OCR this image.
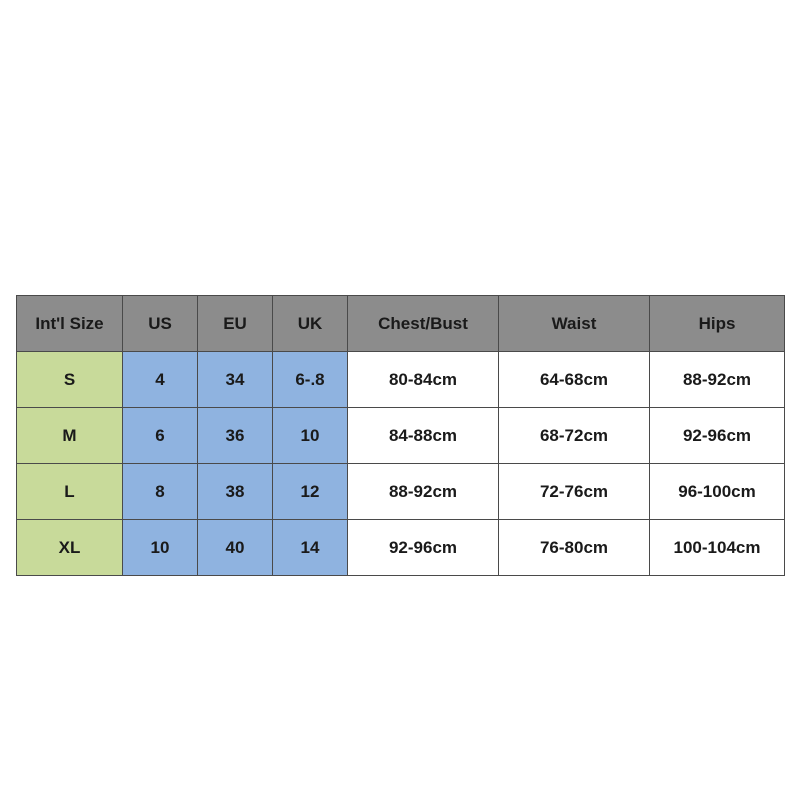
Int'l Size	US	EU	UK	Chest/Bust	Waist	Hips
S	4	34	6-.8	80-84cm	64-68cm	88-92cm
M	6	36	10	84-88cm	68-72cm	92-96cm
L	8	38	12	88-92cm	72-76cm	96-100cm
XL	10	40	14	92-96cm	76-80cm	100-104cm
